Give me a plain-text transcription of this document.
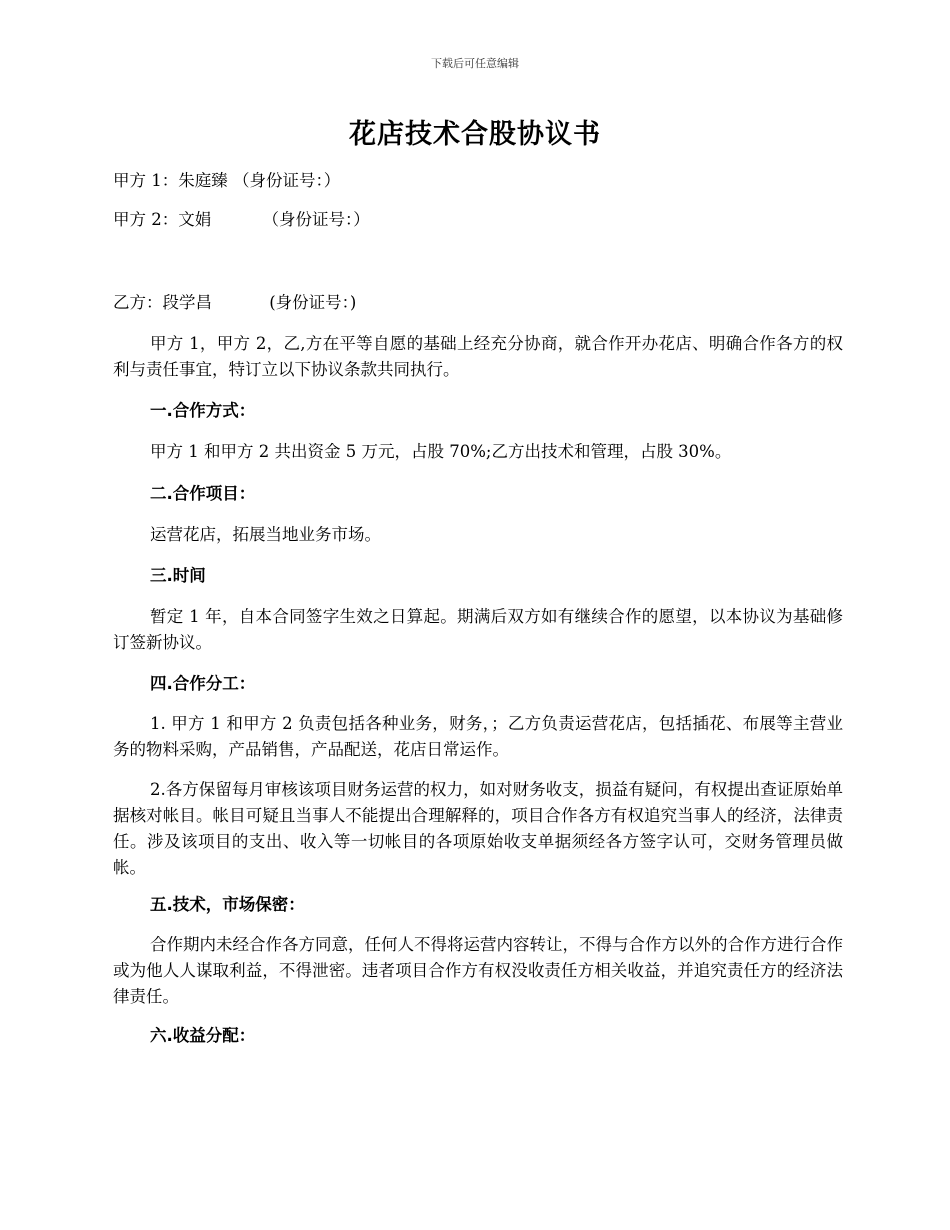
下载后可任意编辑
花店技术合股协议书
甲方 1：朱庭臻 （身份证号：）
甲方 2：文娟	（身份证号：）
乙方：段学昌	(身份证号：)
甲方 1，甲方 2，乙,方在平等自愿的基础上经充分协商，就合作开办花店、明确合作各方的权利与责任事宜，特订立以下协议条款共同执行。
一.合作方式：
甲方 1 和甲方 2 共出资金 5 万元，占股 70%;乙方出技术和管理，占股 30%。
二.合作项目：
运营花店，拓展当地业务市场。
三.时间
暂定 1 年，自本合同签字生效之日算起。期满后双方如有继续合作的愿望，以本协议为基础修订签新协议。
四.合作分工：
1. 甲方 1 和甲方 2 负责包括各种业务，财务，；乙方负责运营花店，包括插花、布展等主营业务的物料采购，产品销售，产品配送，花店日常运作。
2.各方保留每月审核该项目财务运营的权力，如对财务收支，损益有疑问，有权提出查证原始单据核对帐目。帐目可疑且当事人不能提出合理解释的，项目合作各方有权追究当事人的经济，法律责任。涉及该项目的支出、收入等一切帐目的各项原始收支单据须经各方签字认可，交财务管理员做帐。
五.技术，市场保密：
合作期内未经合作各方同意，任何人不得将运营内容转让，不得与合作方以外的合作方进行合作或为他人人谋取利益，不得泄密。违者项目合作方有权没收责任方相关收益，并追究责任方的经济法律责任。
六.收益分配：
